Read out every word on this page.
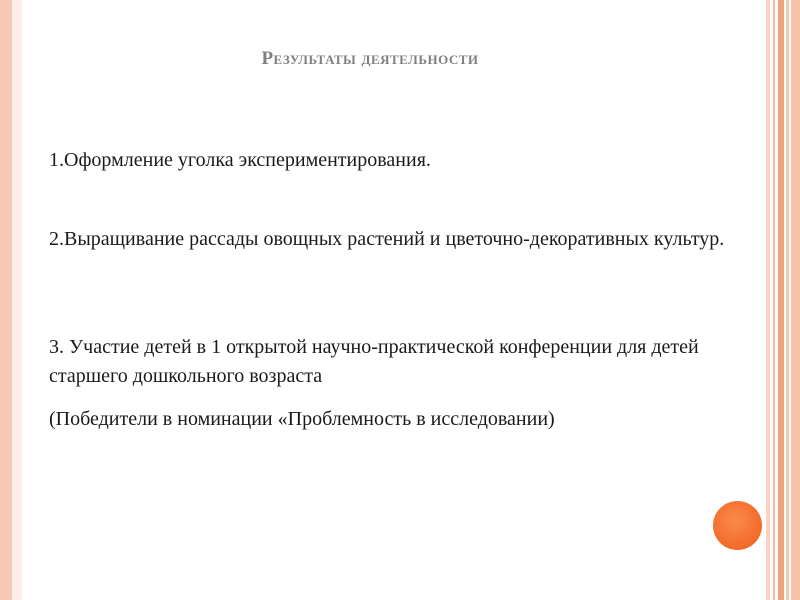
Результаты деятельности
1.Оформление уголка экспериментирования.
2.Выращивание рассады овощных растений и цветочно-декоративных культур.
3. Участие детей в 1 открытой научно-практической конференции для детей старшего дошкольного возраста
(Победители в номинации «Проблемность в исследовании)
